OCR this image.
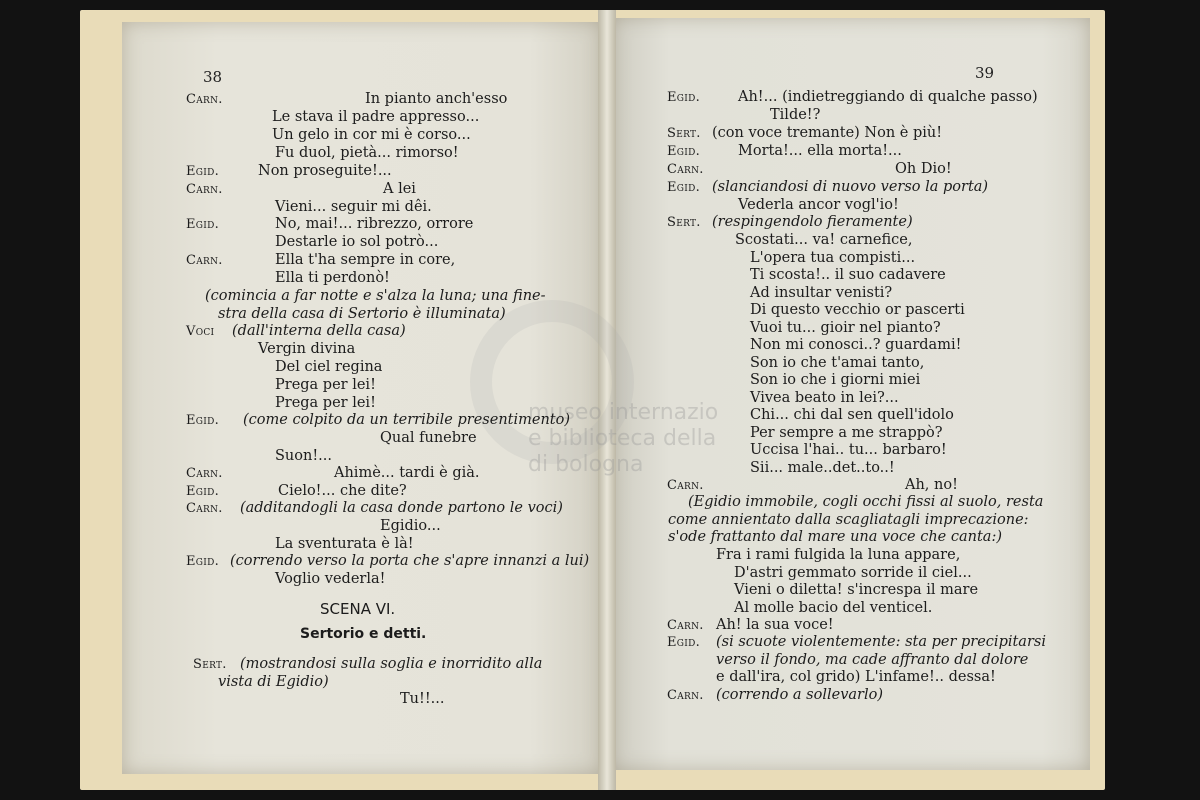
museo internazio
e biblioteca della
di bologna
38	39
Carn.	In pianto anch'esso
Le stava il padre appresso...
Un gelo in cor mi è corso...
Fu duol, pietà... rimorso!
Egid.	Non proseguite!...
Carn.	A lei
Vieni... seguir mi dêi.
Egid.	No, mai!... ribrezzo, orrore
Destarle io sol potrò...
Carn.	Ella t'ha sempre in core,
Ella ti perdonò!
(comincia a far notte e s'alza la luna; una fine-
stra della casa di Sertorio è illuminata)
Voci (dall'interna della casa)
Vergin divina
Del ciel regina
Prega per lei!
Prega per lei!
Egid. (come colpito da un terribile presentimento)
Qual funebre
Suon!...
Carn.	Ahimè... tardi è già.
Egid.	Cielo!... che dite?
Carn. (additandogli la casa donde partono le voci)
Egidio...
La sventurata è là!
Egid. (correndo verso la porta che s'apre innanzi a lui)
Voglio vederla!
SCENA VI.
Sertorio e detti.
Sert. (mostrandosi sulla soglia e inorridito alla
vista di Egidio)
Tu!!...
Egid.	Ah!... (indietreggiando di qualche passo)
Tilde!?
Sert. (con voce tremante) Non è più!
Egid.	Morta!... ella morta!...
Carn.	Oh Dio!
Egid. (slanciandosi di nuovo verso la porta)
Vederla ancor vogl'io!
Sert. (respingendolo fieramente)
Scostati... va! carnefice,
L'opera tua compisti...
Ti scosta!.. il suo cadavere
Ad insultar venisti?
Di questo vecchio or pascerti
Vuoi tu... gioir nel pianto?
Non mi conosci..? guardami!
Son io che t'amai tanto,
Son io che i giorni miei
Vivea beato in lei?...
Chi... chi dal sen quell'idolo
Per sempre a me strappò?
Uccisa l'hai.. tu... barbaro!
Sii... male..det..to..!
Carn.	Ah, no!
(Egidio immobile, cogli occhi fissi al suolo, resta
come annientato dalla scagliatagli imprecazione:
s'ode frattanto dal mare una voce che canta:)
Fra i rami fulgida la luna appare,
D'astri gemmato sorride il ciel...
Vieni o diletta! s'increspa il mare
Al molle bacio del venticel.
Carn. Ah! la sua voce!
Egid. (si scuote violentemente: sta per precipitarsi
verso il fondo, ma cade affranto dal dolore
e dall'ira, col grido) L'infame!.. dessa!
Carn. (correndo a sollevarlo)
